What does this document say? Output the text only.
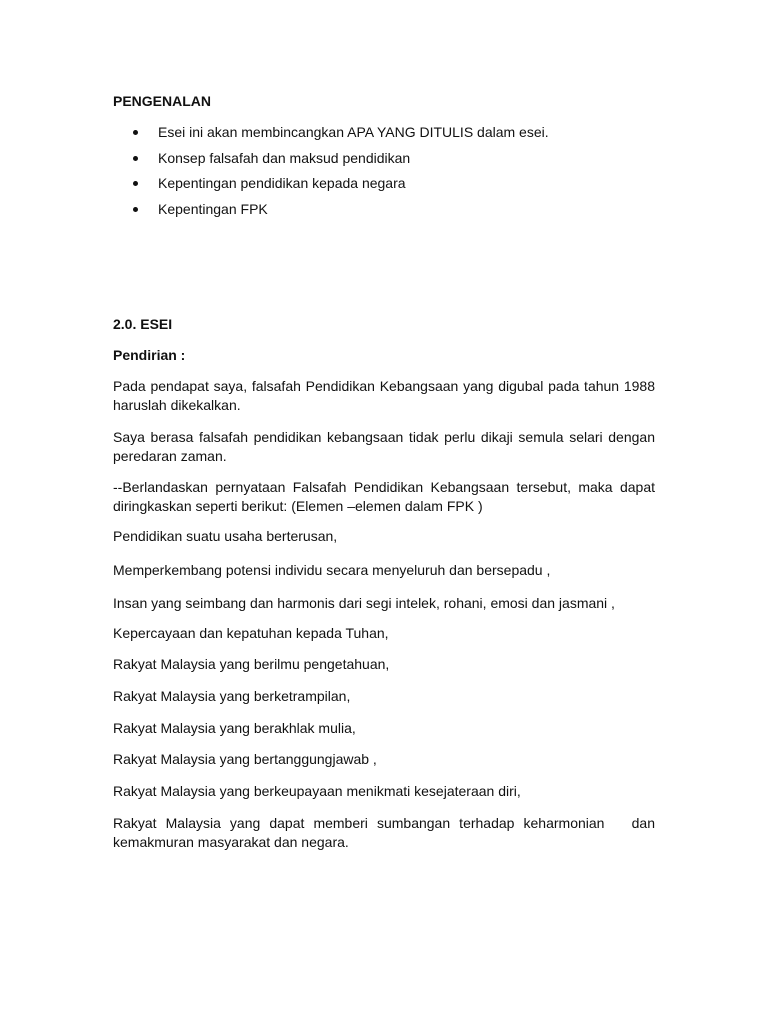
PENGENALAN
Esei ini akan membincangkan APA YANG DITULIS dalam esei.
Konsep falsafah dan maksud pendidikan
Kepentingan pendidikan kepada negara
Kepentingan FPK
2.0. ESEI
Pendirian :

Pada pendapat saya, falsafah Pendidikan Kebangsaan yang digubal pada tahun 1988 haruslah dikekalkan.

Saya berasa falsafah pendidikan kebangsaan tidak perlu dikaji semula selari dengan peredaran zaman.

--Berlandaskan pernyataan Falsafah Pendidikan Kebangsaan tersebut, maka dapat diringkaskan seperti berikut: (Elemen –elemen dalam FPK )

Pendidikan suatu usaha berterusan,

Memperkembang potensi individu secara menyeluruh dan bersepadu ,

Insan yang seimbang dan harmonis dari segi intelek, rohani, emosi dan jasmani ,

Kepercayaan dan kepatuhan kepada Tuhan,

Rakyat Malaysia yang berilmu pengetahuan,

Rakyat Malaysia yang berketrampilan,

Rakyat Malaysia yang berakhlak mulia,

Rakyat Malaysia yang bertanggungjawab ,

Rakyat Malaysia yang berkeupayaan menikmati kesejateraan diri,

Rakyat Malaysia yang dapat memberi sumbangan terhadap keharmonian   dan kemakmuran masyarakat dan negara.
